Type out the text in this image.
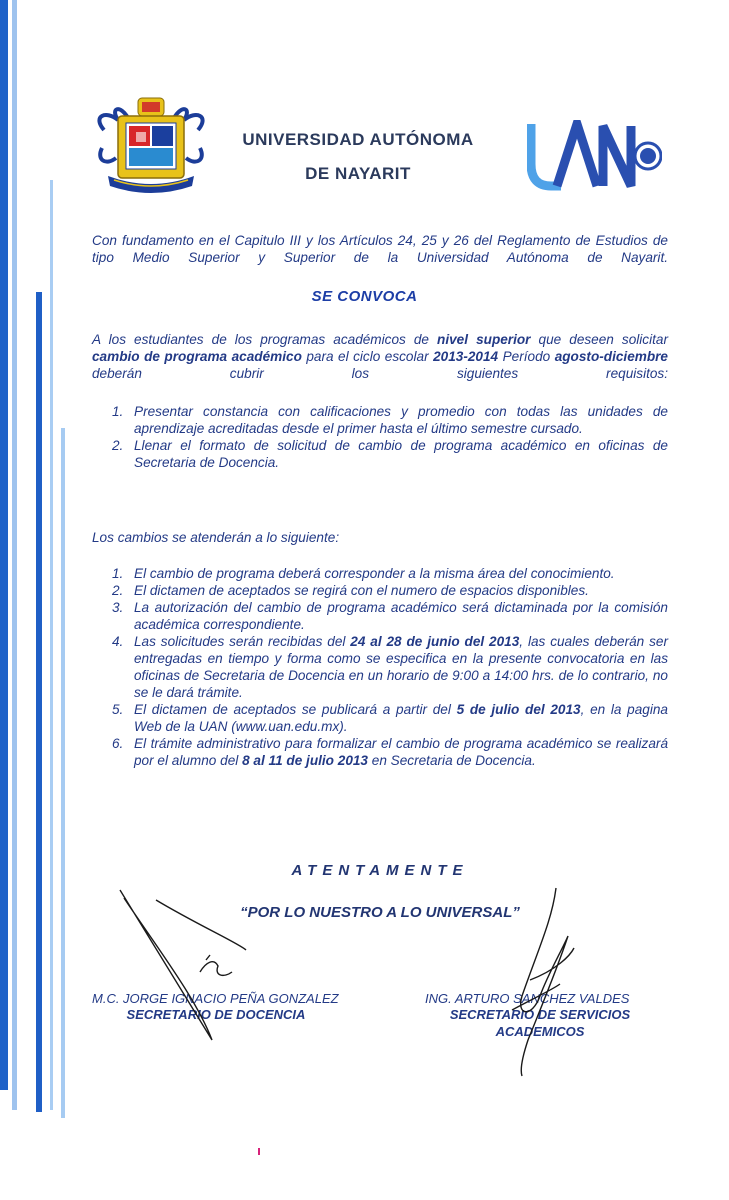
UNIVERSIDAD AUTÓNOMA
DE NAYARIT
Con fundamento en el Capitulo III y los Artículos 24, 25 y 26 del Reglamento de Estudios de tipo Medio Superior y Superior de la Universidad Autónoma de Nayarit.
SE CONVOCA
A los estudiantes de los programas académicos de nivel superior que deseen solicitar cambio de programa académico para el ciclo escolar 2013-2014 Período agosto-diciembre deberán cubrir los siguientes requisitos:
1. Presentar constancia con calificaciones y promedio con todas las unidades de aprendizaje acreditadas desde el primer hasta el último semestre cursado.
2. Llenar el formato de solicitud de cambio de programa académico en oficinas de Secretaria de Docencia.
Los cambios se atenderán a lo siguiente:
1. El cambio de programa deberá corresponder a la misma área del conocimiento.
2. El dictamen de aceptados se regirá con el numero de espacios disponibles.
3. La autorización del cambio de programa académico será dictaminada por la comisión académica correspondiente.
4. Las solicitudes serán recibidas del 24 al 28 de junio del 2013, las cuales deberán ser entregadas en tiempo y forma como se especifica en la presente convocatoria en las oficinas de Secretaria de Docencia en un horario de 9:00 a 14:00 hrs. de lo contrario, no se le dará trámite.
5. El dictamen de aceptados se publicará a partir del 5 de julio del 2013, en la pagina Web de la UAN (www.uan.edu.mx).
6. El trámite administrativo para formalizar el cambio de programa académico se realizará por el alumno del 8 al 11 de julio 2013 en Secretaria de Docencia.
ATENTAMENTE
“POR LO NUESTRO A LO UNIVERSAL”
M.C. JORGE IGNACIO PEÑA GONZALEZ
SECRETARIO DE DOCENCIA
ING. ARTURO SANCHEZ VALDES
SECRETARIO DE SERVICIOS
ACADEMICOS
